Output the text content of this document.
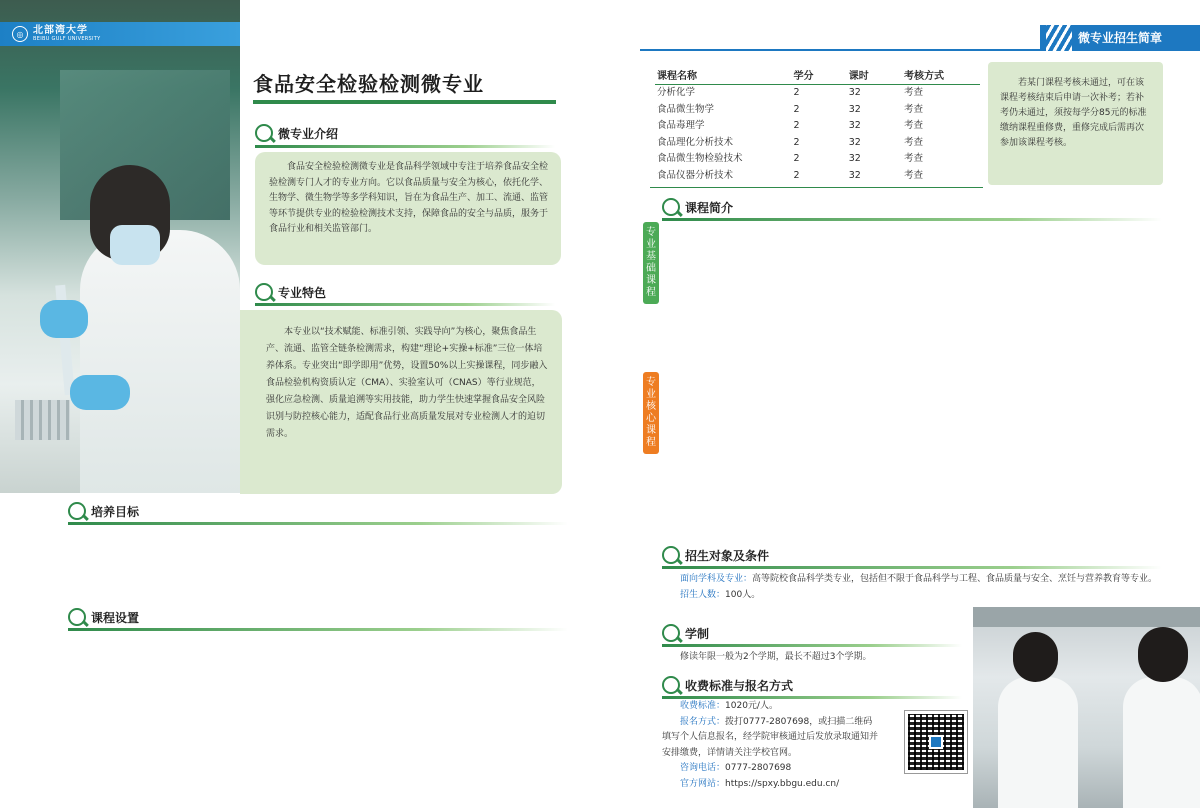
◎ 北部湾大学
BEIBU GULF UNIVERSITY
食品安全检验检测微专业
微专业介绍

食品安全检验检测微专业是食品科学领域中专注于培养食品安全检验检测专门人才的专业方向。它以食品质量与安全为核心，依托化学、生物学、微生物学等多学科知识，旨在为食品生产、加工、流通、监管等环节提供专业的检验检测技术支持，保障食品的安全与品质，服务于食品行业和相关监管部门。

专业特色

本专业以“技术赋能、标准引领、实践导向”为核心，聚焦食品生产、流通、监管全链条检测需求，构建“理论+实操+标准”三位一体培养体系。专业突出“即学即用”优势，设置50%以上实操课程，同步融入食品检验机构资质认定（CMA）、实验室认可（CNAS）等行业规范，强化应急检测、质量追溯等实用技能，助力学生快速掌握食品安全风险识别与防控核心能力，适配食品行业高质量发展对专业检测人才的迫切需求。

培养目标

培养德智体美劳全面发展，掌握扎实的食品安全检验检测基础理论知识和实践技能，具备食品检测分析、检测实验室管理、质量认证认可等能力，熟悉食品相关法律法规和标准，具有工匠精神和信息素养，能够在食品检验检测机构、食品生产企业、食品质量监督管理部门等单位，从事食品检验检测、食用农产品检验检测、食品质量控制与安全管理等工作的高素质应用型人才。

课程设置

食品安全检验检测微专业的课程体系通常由专业基础课程、专业核心课程、实践教学环节三部分组成：

专业基础课程：包括分析化学、食品微生物学、食品毒理学，为学生提供扎实的化学、生物学基础理论知识。

专业核心课程：食品理化分析技术、食品微生物检验技术、食品仪器分析技术，使学生掌握食品检验检测的核心技术和方法。

实践教学：通过实验、实训、实习等环节，让学生在实际操作中熟练掌握食品检验检测的流程和技能，包括食品样品的采集与处理、检测方法的选择与应用、检测数据的处理与分析等。同时，还会涉及到实验室管理、质量控制与行业规范等方面的实践训练。

微专业招生简章
课程名称	学分	课时	考核方式
分析化学	2	32	考查
食品微生物学	2	32	考查
食品毒理学	2	32	考查
食品理化分析技术	2	32	考查
食品微生物检验技术	2	32	考查
食品仪器分析技术	2	32	考查

若某门课程考核未通过，可在该课程考核结束后申请一次补考；若补考仍未通过，须按每学分85元的标准缴纳课程重修费，重修完成后需再次参加该课程考核。

课程简介
专
业
基
础
课
程

《分析化学》：分析化学是研究物质化学组成和结构的分析方法及有关理论的一门学科，旨在培养学生掌握各种分析方法的基本原理、实验技能和数据处理方法，使学生具备对食品及其相关物质进行定性、定量分析的能力，为后续学习食品专业课程以及从事食品分析检测、质量控制等工作奠定坚实的基础。

《食品微生物学》：使学生掌握食品微生物学的基本理论、知识和技能，理解微生物与食品的相互关系，包括微生物在食品加工中的应用以及在食品贮藏过程中引起的腐败变质机制；熟悉食源性病原微生物的种类、致病机理以及食品安全控制措施。

《食品毒理学》：食品毒理学是食品安全专业重要课程，聚焦食品中有毒有害物质的毒性研究。课程系统讲解食品毒理学基础理论，剖析化学污染物、生物毒素等的毒性机制与危害，介绍急性毒性试验、风险评估等研究方法与安全性评价程序。

专
业
核
心
课
程

《食品理化分析技术》：课程系统讲授食品营养成分、添加剂、污染物等检测原理与方法，涵盖化学分析法、仪器分析法等内容。通过理论教学与实验实训结合，学生能掌握食品样品采集处理、仪器操作、数据处理等技能，为食品质量检测、安全把控提供技术支撑，培养学生成为食品分析检测领域的专业人才。

《食品微生物分析技术》：课程围绕食品微生物的分离、培养、鉴定及定量检测展开，系统讲解无菌操作、平板计数、生化鉴定等传统方法，以及PCR、基因测序等现代分子生物学技术。通过课程学习，学生将掌握食品微生物检验流程，熟悉食品微生物检测标准与规范，具备分析和解决食品微生物污染问题的能力，为保障食品质量安全奠定坚实基础。

《食品仪器分析技术》：本课程是食品安全检测领域的核心课程，系统讲解现代食品分析仪器的原理、操作及应用。主要内容包括光谱技术、色谱技术及快速检测方法，重点培养学生在农残、重金属、添加剂等检测中的实操能力。通过理论讲解、实验操作和案例分析，为从事食品质检、第三方检测或科研工作奠定基础。

招生对象及条件

面向学科及专业：高等院校食品科学类专业，包括但不限于食品科学与工程、食品质量与安全、烹饪与营养教育等专业。

招生人数：100人。

学制

修读年限一般为2个学期，最长不超过3个学期。

收费标准与报名方式

收费标准：1020元/人。

报名方式：拨打0777-2807698，或扫描二维码

填写个人信息报名，经学院审核通过后发放录取通知并

安排缴费，详情请关注学校官网。

咨询电话：0777-2807698

官方网站：https://spxy.bbgu.edu.cn/
